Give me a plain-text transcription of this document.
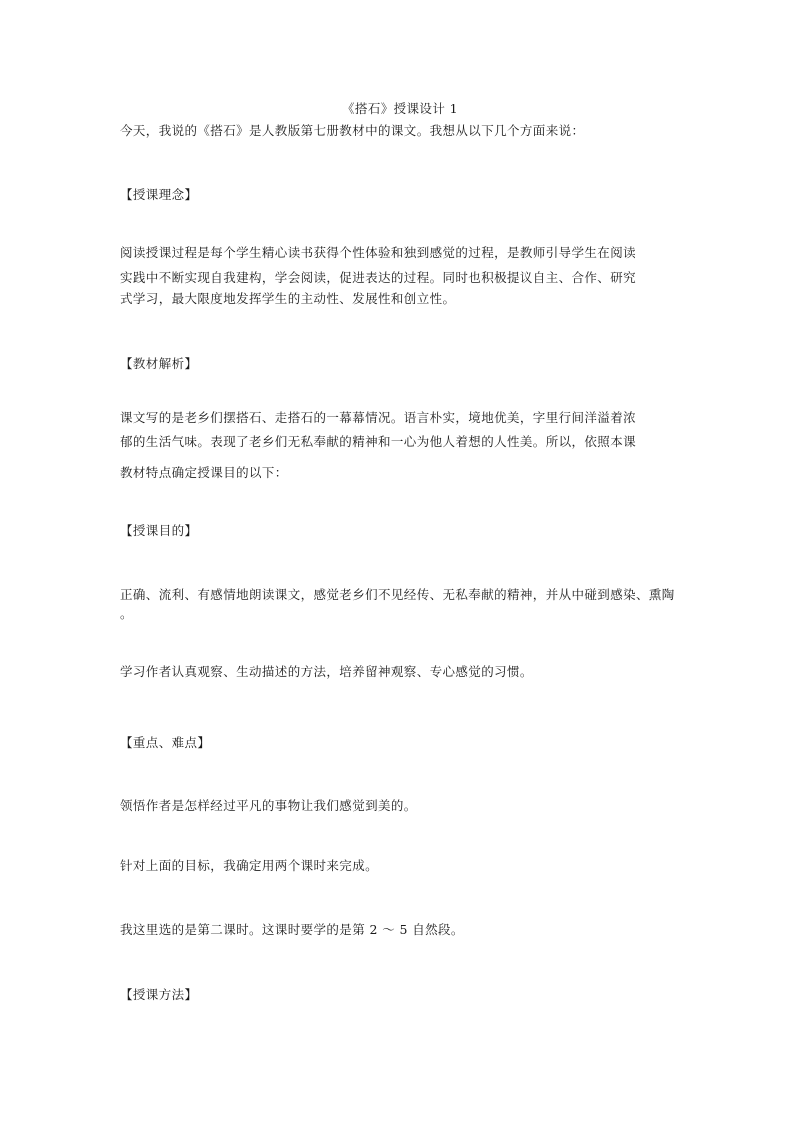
《搭石》授课设计 1
今天，我说的《搭石》是人教版第七册教材中的课文。我想从以下几个方面来说：
【授课理念】
阅读授课过程是每个学生精心读书获得个性体验和独到感觉的过程，是教师引导学生在阅读
实践中不断实现自我建构，学会阅读，促进表达的过程。同时也积极提议自主、合作、研究
式学习，最大限度地发挥学生的主动性、发展性和创立性。
【教材解析】
课文写的是老乡们摆搭石、走搭石的一幕幕情况。语言朴实，境地优美，字里行间洋溢着浓
郁的生活气味。表现了老乡们无私奉献的精神和一心为他人着想的人性美。所以，依照本课
教材特点确定授课目的以下：
【授课目的】
正确、流利、有感情地朗读课文，感觉老乡们不见经传、无私奉献的精神，并从中碰到感染、熏陶
。
学习作者认真观察、生动描述的方法，培养留神观察、专心感觉的习惯。
【重点、难点】
领悟作者是怎样经过平凡的事物让我们感觉到美的。
针对上面的目标，我确定用两个课时来完成。
我这里选的是第二课时。这课时要学的是第 2 ～ 5 自然段。
【授课方法】
